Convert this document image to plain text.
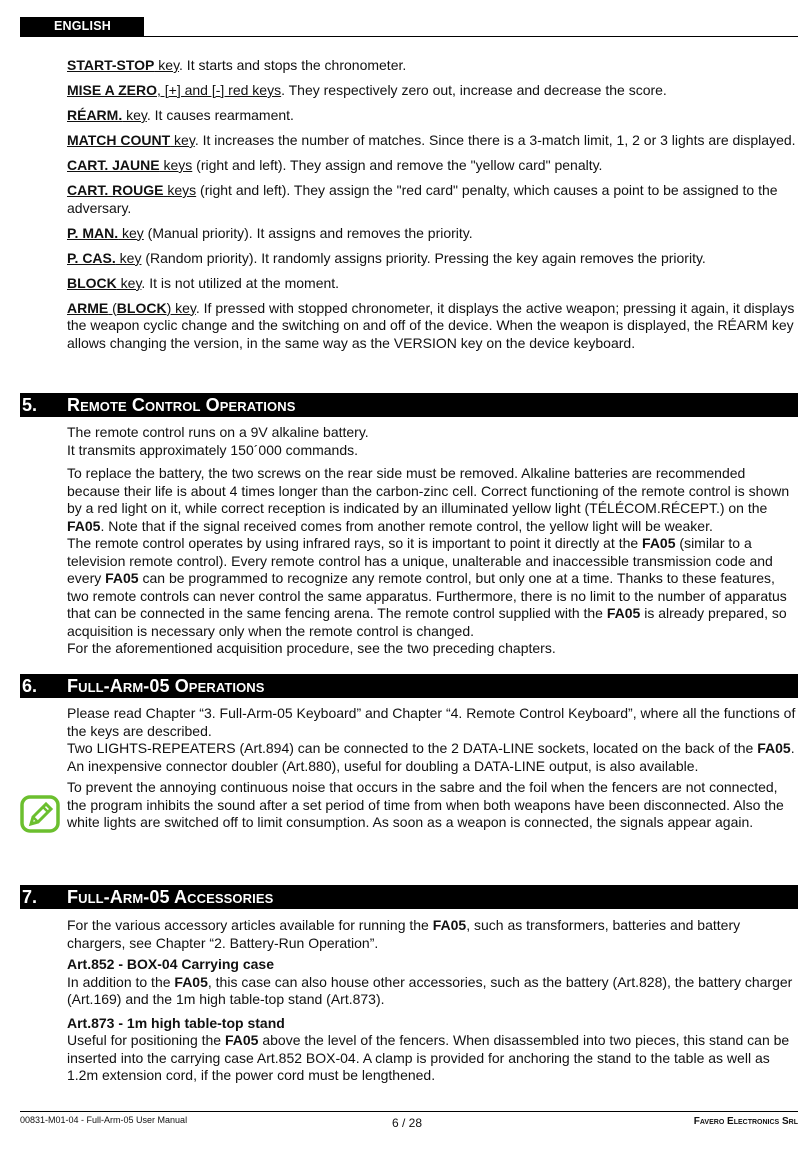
ENGLISH

START-STOP key. It starts and stops the chronometer.

MISE A ZERO, [+] and [-] red keys. They respectively zero out, increase and decrease the score.

RÉARM. key. It causes rearmament.

MATCH COUNT key. It increases the number of matches. Since there is a 3-match limit, 1, 2 or 3 lights are displayed.

CART. JAUNE keys (right and left). They assign and remove the "yellow card" penalty.

CART. ROUGE keys (right and left). They assign the "red card" penalty, which causes a point to be assigned to the adversary.

P. MAN. key (Manual priority). It assigns and removes the priority.

P. CAS. key (Random priority). It randomly assigns priority. Pressing the key again removes the priority.

BLOCK key. It is not utilized at the moment.

ARME (BLOCK) key. If pressed with stopped chronometer, it displays the active weapon; pressing it again, it displays the weapon cyclic change and the switching on and off of the device. When the weapon is displayed, the RÉARM key allows changing the version, in the same way as the VERSION key on the device keyboard.

5. Remote Control Operations

The remote control runs on a 9V alkaline battery.

It transmits approximately 150´000 commands.

To replace the battery, the two screws on the rear side must be removed. Alkaline batteries are recommended because their life is about 4 times longer than the carbon-zinc cell. Correct functioning of the remote control is shown by a red light on it, while correct reception is indicated by an illuminated yellow light (TÉLÉCOM.RÉCEPT.) on the FA05. Note that if the signal received comes from another remote control, the yellow light will be weaker.

The remote control operates by using infrared rays, so it is important to point it directly at the FA05 (similar to a television remote control). Every remote control has a unique, unalterable and inaccessible transmission code and every FA05 can be programmed to recognize any remote control, but only one at a time. Thanks to these features, two remote controls can never control the same apparatus. Furthermore, there is no limit to the number of apparatus that can be connected in the same fencing arena. The remote control supplied with the FA05 is already prepared, so acquisition is necessary only when the remote control is changed.

For the aforementioned acquisition procedure, see the two preceding chapters.

6. Full-Arm-05 Operations

Please read Chapter “3. Full-Arm-05 Keyboard” and Chapter “4. Remote Control Keyboard”, where all the functions of the keys are described.

Two LIGHTS-REPEATERS (Art.894) can be connected to the 2 DATA-LINE sockets, located on the back of the FA05.

An inexpensive connector doubler (Art.880), useful for doubling a DATA-LINE output, is also available.

To prevent the annoying continuous noise that occurs in the sabre and the foil when the fencers are not connected, the program inhibits the sound after a set period of time from when both weapons have been disconnected. Also the white lights are switched off to limit consumption. As soon as a weapon is connected, the signals appear again.

7. Full-Arm-05 Accessories

For the various accessory articles available for running the FA05, such as transformers, batteries and battery chargers, see Chapter “2. Battery-Run Operation”.

Art.852 - BOX-04 Carrying case

In addition to the FA05, this case can also house other accessories, such as the battery (Art.828), the battery charger (Art.169) and the 1m high table-top stand (Art.873).

Art.873 - 1m high table-top stand

Useful for positioning the FA05 above the level of the fencers. When disassembled into two pieces, this stand can be inserted into the carrying case Art.852 BOX-04. A clamp is provided for anchoring the stand to the table as well as 1.2m extension cord, if the power cord must be lengthened.

00831-M01-04 - Full-Arm-05 User Manual	6 / 28	Favero Electronics Srl
